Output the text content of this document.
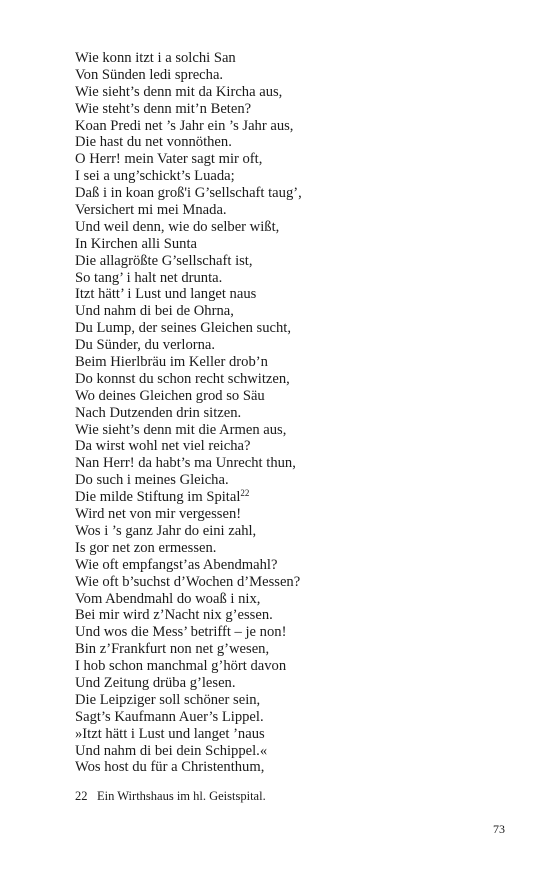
Wie konn itzt i a solchi San
Von Sünden ledi sprecha.
Wie sieht’s denn mit da Kircha aus,
Wie steht’s denn mit’n Beten?
Koan Predi net ’s Jahr ein ’s Jahr aus,
Die hast du net vonnöthen.
O Herr! mein Vater sagt mir oft,
I sei a ung’schickt’s Luada;
Daß i in koan groß'i G’sellschaft taug’,
Versichert mi mei Mnada.
Und weil denn, wie do selber wißt,
In Kirchen alli Sunta
Die allagrößte G’sellschaft ist,
So tang’ i halt net drunta.
Itzt hätt’ i Lust und langet naus
Und nahm di bei de Ohrna,
Du Lump, der seines Gleichen sucht,
Du Sünder, du verlorna.
Beim Hierlbräu im Keller drob’n
Do konnst du schon recht schwitzen,
Wo deines Gleichen grod so Säu
Nach Dutzenden drin sitzen.
Wie sieht’s denn mit die Armen aus,
Da wirst wohl net viel reicha?
Nan Herr! da habt’s ma Unrecht thun,
Do such i meines Gleicha.
Die milde Stiftung im Spital$^{22}$
Wird net von mir vergessen!
Wos i ’s ganz Jahr do eini zahl,
Is gor net zon ermessen.
Wie oft empfangst’as Abendmahl?
Wie oft b’suchst d’Wochen d’Messen?
Vom Abendmahl do woaß i nix,
Bei mir wird z’Nacht nix g’essen.
Und wos die Mess’ betrifft – je non!
Bin z’Frankfurt non net g’wesen,
I hob schon manchmal g’hört davon
Und Zeitung drüba g’lesen.
Die Leipziger soll schöner sein,
Sagt’s Kaufmann Auer’s Lippel.
»Itzt hätt i Lust und langet ’naus
Und nahm di bei dein Schippel.«
Wos host du für a Christenthum,
22 Ein Wirthshaus im hl. Geistspital.
73
